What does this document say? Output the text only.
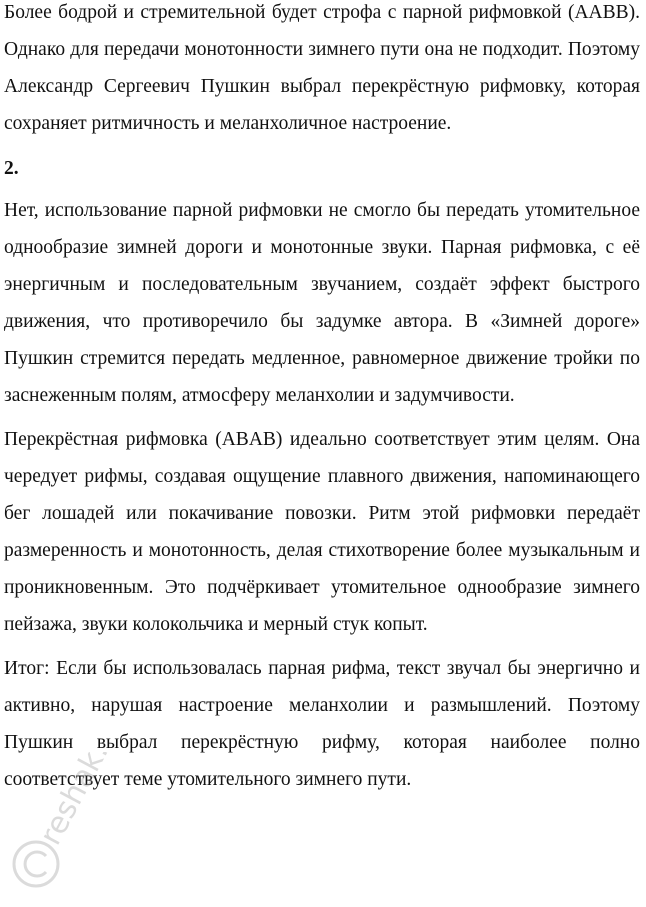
Более бодрой и стремительной будет строфа с парной рифмовкой (AABB). Однако для передачи монотонности зимнего пути она не подходит. Поэтому Александр Сергеевич Пушкин выбрал перекрёстную рифмовку, которая сохраняет ритмичность и меланхоличное настроение.

2.

Нет, использование парной рифмовки не смогло бы передать утомительное однообразие зимней дороги и монотонные звуки. Парная рифмовка, с её энергичным и последовательным звучанием, создаёт эффект быстрого движения, что противоречило бы задумке автора. В «Зимней дороге» Пушкин стремится передать медленное, равномерное движение тройки по заснеженным полям, атмосферу меланхолии и задумчивости.

Перекрёстная рифмовка (ABAB) идеально соответствует этим целям. Она чередует рифмы, создавая ощущение плавного движения, напоминающего бег лошадей или покачивание повозки. Ритм этой рифмовки передаёт размеренность и монотонность, делая стихотворение более музыкальным и проникновенным. Это подчёркивает утомительное однообразие зимнего пейзажа, звуки колокольчика и мерный стук копыт.

Итог: Если бы использовалась парная рифма, текст звучал бы энергично и активно, нарушая настроение меланхолии и размышлений. Поэтому Пушкин выбрал перекрёстную рифму, которая наиболее полно соответствует теме утомительного зимнего пути.

reshak.ru
